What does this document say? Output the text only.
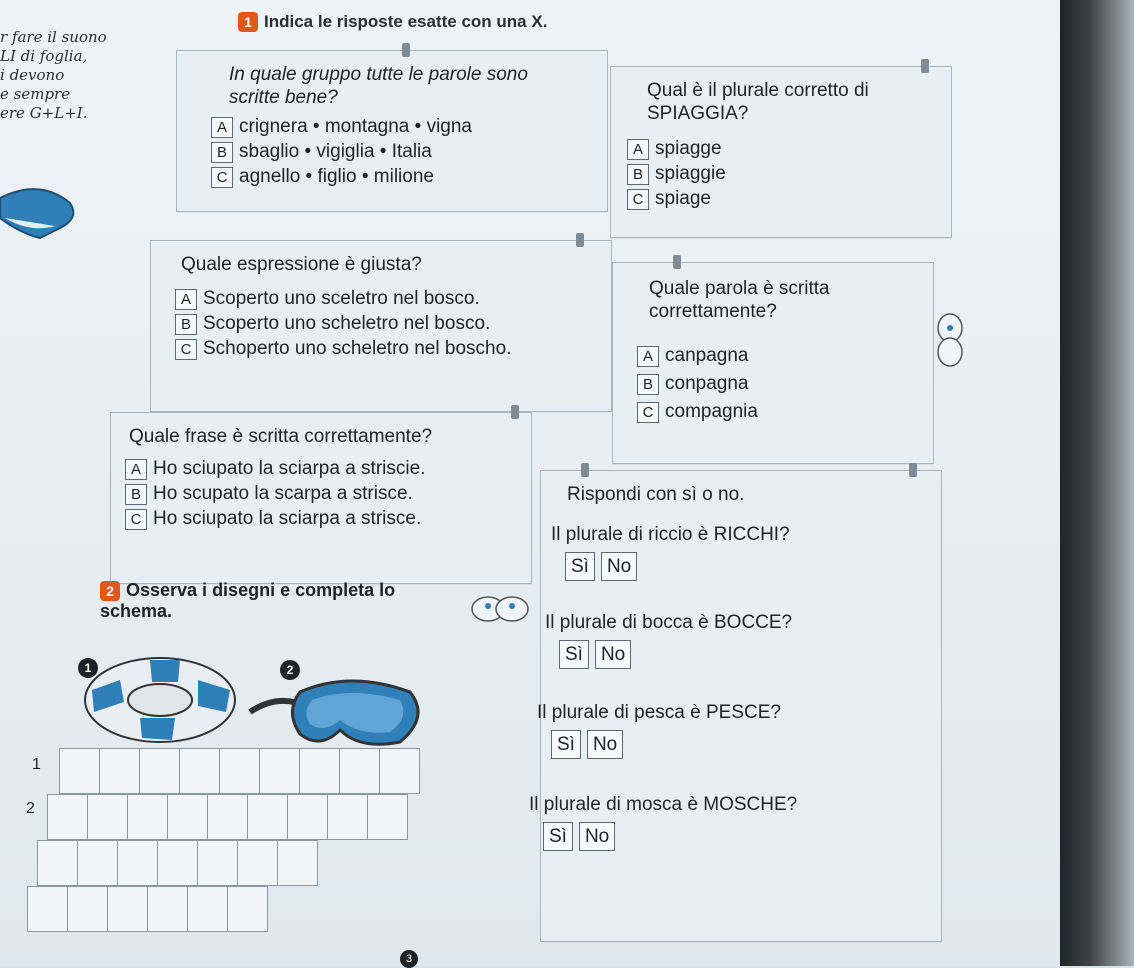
r fare il suono
LI di foglia,
i devono
e sempre
ere G+L+I.
1 Indica le risposte esatte con una X.
In quale gruppo tutte le parole sono scritte bene?
A crignera • montagna • vigna
B sbaglio • vigiglia • Italia
C agnello • figlio • milione
Qual è il plurale corretto di SPIAGGIA?
A spiagge
B spiaggie
C spiage
Quale espressione è giusta?
A Scoperto uno sceletro nel bosco.
B Scoperto uno scheletro nel bosco.
C Schoperto uno scheletro nel boscho.
Quale parola è scritta correttamente?
A canpagna
B conpagna
C compagnia
Quale frase è scritta correttamente?
A Ho sciupato la sciarpa a striscie.
B Ho scupato la scarpa a strisce.
C Ho sciupato la sciarpa a strisce.
Rispondi con sì o no.
Il plurale di riccio è RICCHI?
Sì No
Il plurale di bocca è BOCCE?
Sì No
Il plurale di pesca è PESCE?
Sì No
Il plurale di mosca è MOSCHE?
Sì No
2 Osserva i disegni e completa lo schema.
1	2
1
2
3
